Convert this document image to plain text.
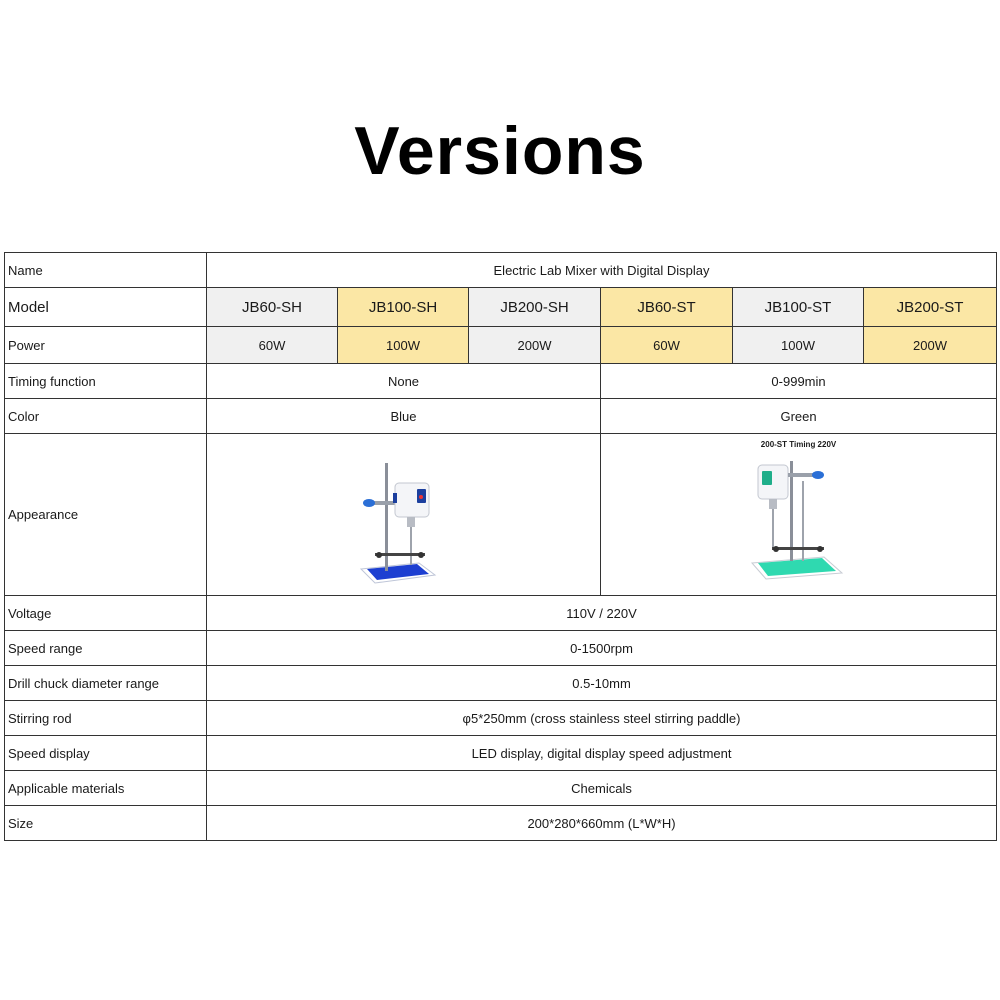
Versions
Name	Electric Lab Mixer with Digital Display					
Model	JB60-SH	JB100-SH	JB200-SH	JB60-ST	JB100-ST	JB200-ST
Power	60W	100W	200W	60W	100W	200W
Timing function	None			0-999min		
Color	Blue			Green		
Appearance				200-ST Timing 220V		

Voltage	110V / 220V					
Speed range	0-1500rpm					
Drill chuck diameter range	0.5-10mm					
Stirring rod	φ5*250mm (cross stainless steel stirring paddle)					
Speed display	LED display, digital display speed adjustment					
Applicable materials	Chemicals					
Size	200*280*660mm (L*W*H)					
